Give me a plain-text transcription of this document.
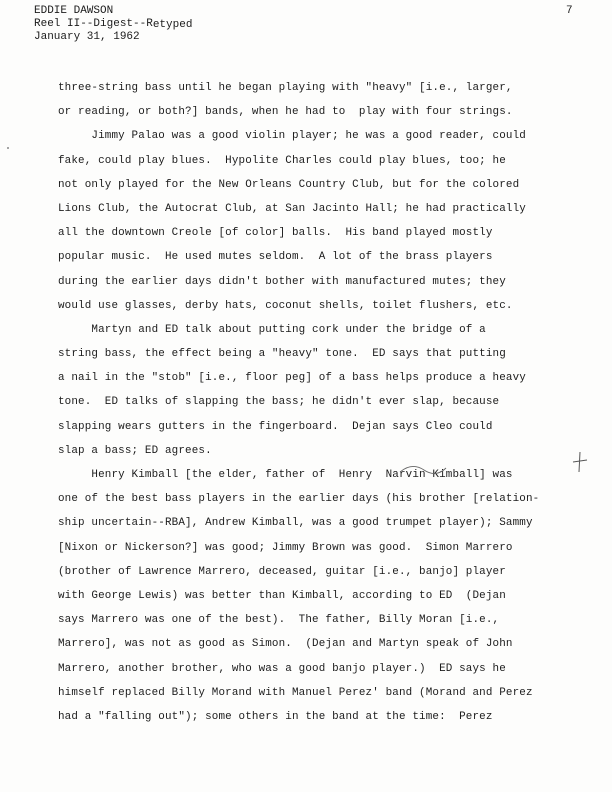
EDDIE DAWSON
Reel II--Digest--Retyped
January 31, 1962
7
three-string bass until he began playing with "heavy" [i.e., larger,
or reading, or both?] bands, when he had to  play with four strings.
Jimmy Palao was a good violin player; he was a good reader, could
fake, could play blues.  Hypolite Charles could play blues, too; he
not only played for the New Orleans Country Club, but for the colored
Lions Club, the Autocrat Club, at San Jacinto Hall; he had practically
all the downtown Creole [of color] balls.  His band played mostly
popular music.  He used mutes seldom.  A lot of the brass players
during the earlier days didn't bother with manufactured mutes; they
would use glasses, derby hats, coconut shells, toilet flushers, etc.
Martyn and ED talk about putting cork under the bridge of a
string bass, the effect being a "heavy" tone.  ED says that putting
a nail in the "stob" [i.e., floor peg] of a bass helps produce a heavy
tone.  ED talks of slapping the bass; he didn't ever slap, because
slapping wears gutters in the fingerboard.  Dejan says Cleo could
slap a bass; ED agrees.
Henry Kimball [the elder, father of  Henry  Narvin Kimball] was
one of the best bass players in the earlier days (his brother [relation-
ship uncertain--RBA], Andrew Kimball, was a good trumpet player); Sammy
[Nixon or Nickerson?] was good; Jimmy Brown was good.  Simon Marrero
(brother of Lawrence Marrero, deceased, guitar [i.e., banjo] player
with George Lewis) was better than Kimball, according to ED  (Dejan
says Marrero was one of the best).  The father, Billy Moran [i.e.,
Marrero], was not as good as Simon.  (Dejan and Martyn speak of John
Marrero, another brother, who was a good banjo player.)  ED says he
himself replaced Billy Morand with Manuel Perez' band (Morand and Perez
had a "falling out"); some others in the band at the time:  Perez
